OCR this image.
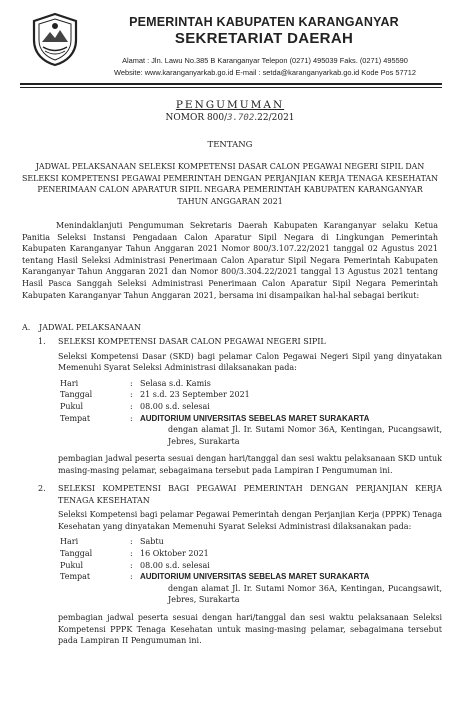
PEMERINTAH KABUPATEN KARANGANYAR
SEKRETARIAT DAERAH
Alamat : Jln. Lawu No.385 B Karanganyar Telepon (0271) 495039 Faks. (0271) 495590
Website: www.karanganyarkab.go.id E-mail : setda@karanganyarkab.go.id Kode Pos 57712
PENGUMUMAN
NOMOR 800/3.702.22/2021
TENTANG
JADWAL PELAKSANAAN SELEKSI KOMPETENSI DASAR CALON PEGAWAI NEGERI SIPIL DAN SELEKSI KOMPETENSI PEGAWAI PEMERINTAH DENGAN PERJANJIAN KERJA TENAGA KESEHATAN PENERIMAAN CALON APARATUR SIPIL NEGARA PEMERINTAH KABUPATEN KARANGANYAR TAHUN ANGGARAN 2021
Menindaklanjuti Pengumuman Sekretaris Daerah Kabupaten Karanganyar selaku Ketua Panitia Seleksi Instansi Pengadaan Calon Aparatur Sipil Negara di Lingkungan Pemerintah Kabupaten Karanganyar Tahun Anggaran 2021 Nomor 800/3.107.22/2021 tanggal 02 Agustus 2021 tentang Hasil Seleksi Administrasi Penerimaan Calon Aparatur Sipil Negara Pemerintah Kabupaten Karanganyar Tahun Anggaran 2021 dan Nomor 800/3.304.22/2021 tanggal 13 Agustus 2021 tentang Hasil Pasca Sanggah Seleksi Administrasi Penerimaan Calon Aparatur Sipil Negara Pemerintah Kabupaten Karanganyar Tahun Anggaran 2021, bersama ini disampaikan hal-hal sebagai berikut:
A. JADWAL PELAKSANAAN
1. SELEKSI KOMPETENSI DASAR CALON PEGAWAI NEGERI SIPIL
Seleksi Kompetensi Dasar (SKD) bagi pelamar Calon Pegawai Negeri Sipil yang dinyatakan Memenuhi Syarat Seleksi Administrasi dilaksanakan pada:
Hari	: Selasa s.d. Kamis
Tanggal	: 21 s.d. 23 September 2021
Pukul	: 08.00 s.d. selesai
Tempat	: AUDITORIUM UNIVERSITAS SEBELAS MARET SURAKARTA
dengan alamat Jl. Ir. Sutami Nomor 36A, Kentingan, Pucangsawit, Jebres, Surakarta
pembagian jadwal peserta sesuai dengan hari/tanggal dan sesi waktu pelaksanaan SKD untuk masing-masing pelamar, sebagaimana tersebut pada Lampiran I Pengumuman ini.
2. SELEKSI KOMPETENSI BAGI PEGAWAI PEMERINTAH DENGAN PERJANJIAN KERJA TENAGA KESEHATAN
Seleksi Kompetensi bagi pelamar Pegawai Pemerintah dengan Perjanjian Kerja (PPPK) Tenaga Kesehatan yang dinyatakan Memenuhi Syarat Seleksi Administrasi dilaksanakan pada:
Hari	: Sabtu
Tanggal	: 16 Oktober 2021
Pukul	: 08.00 s.d. selesai
Tempat	: AUDITORIUM UNIVERSITAS SEBELAS MARET SURAKARTA
dengan alamat Jl. Ir. Sutami Nomor 36A, Kentingan, Pucangsawit, Jebres, Surakarta
pembagian jadwal peserta sesuai dengan hari/tanggal dan sesi waktu pelaksanaan Seleksi Kompetensi PPPK Tenaga Kesehatan untuk masing-masing pelamar, sebagaimana tersebut pada Lampiran II Pengumuman ini.
